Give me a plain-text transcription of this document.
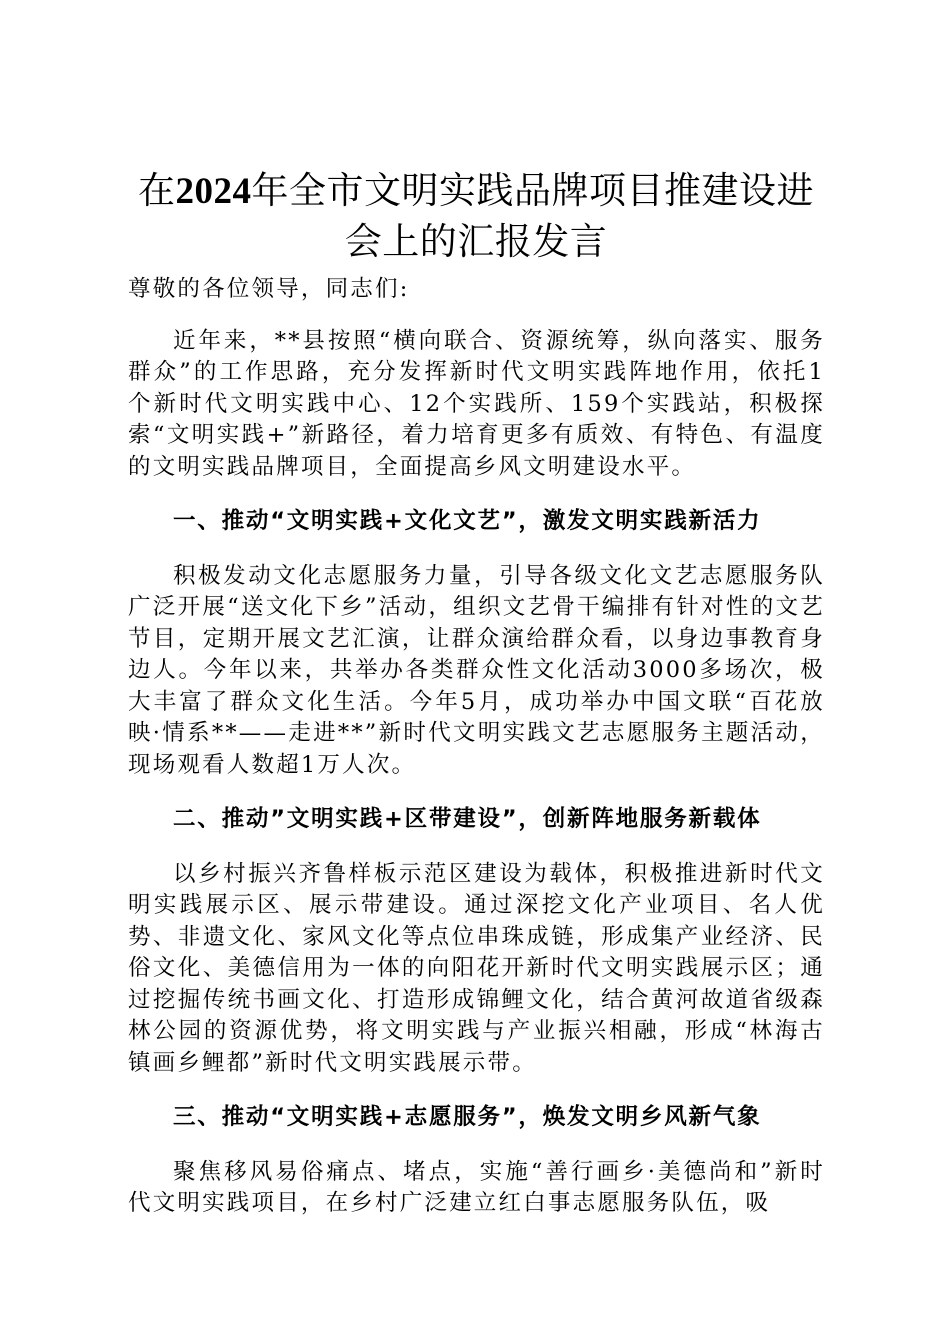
在2024年全市文明实践品牌项目推建设进会上的汇报发言

尊敬的各位领导，同志们:

近年来，**县按照“横向联合、资源统筹，纵向落实、服务群众”的工作思路，充分发挥新时代文明实践阵地作用，依托1个新时代文明实践中心、12个实践所、159个实践站，积极探索“文明实践+”新路径，着力培育更多有质效、有特色、有温度的文明实践品牌项目，全面提高乡风文明建设水平。

一、推动“文明实践+文化文艺”，激发文明实践新活力

积极发动文化志愿服务力量，引导各级文化文艺志愿服务队广泛开展“送文化下乡”活动，组织文艺骨干编排有针对性的文艺节目，定期开展文艺汇演，让群众演给群众看，以身边事教育身边人。今年以来，共举办各类群众性文化活动3000多场次，极大丰富了群众文化生活。今年5月，成功举办中国文联“百花放映·情系**——走进**”新时代文明实践文艺志愿服务主题活动，现场观看人数超1万人次。

二、推动”文明实践+区带建设”，创新阵地服务新载体

以乡村振兴齐鲁样板示范区建设为载体，积极推进新时代文明实践展示区、展示带建设。通过深挖文化产业项目、名人优势、非遗文化、家风文化等点位串珠成链，形成集产业经济、民俗文化、美德信用为一体的向阳花开新时代文明实践展示区；通过挖掘传统书画文化、打造形成锦鲤文化，结合黄河故道省级森林公园的资源优势，将文明实践与产业振兴相融，形成“林海古镇画乡鲤都”新时代文明实践展示带。

三、推动“文明实践+志愿服务”，焕发文明乡风新气象

聚焦移风易俗痛点、堵点，实施“善行画乡·美德尚和”新时代文明实践项目，在乡村广泛建立红白事志愿服务队伍，吸
